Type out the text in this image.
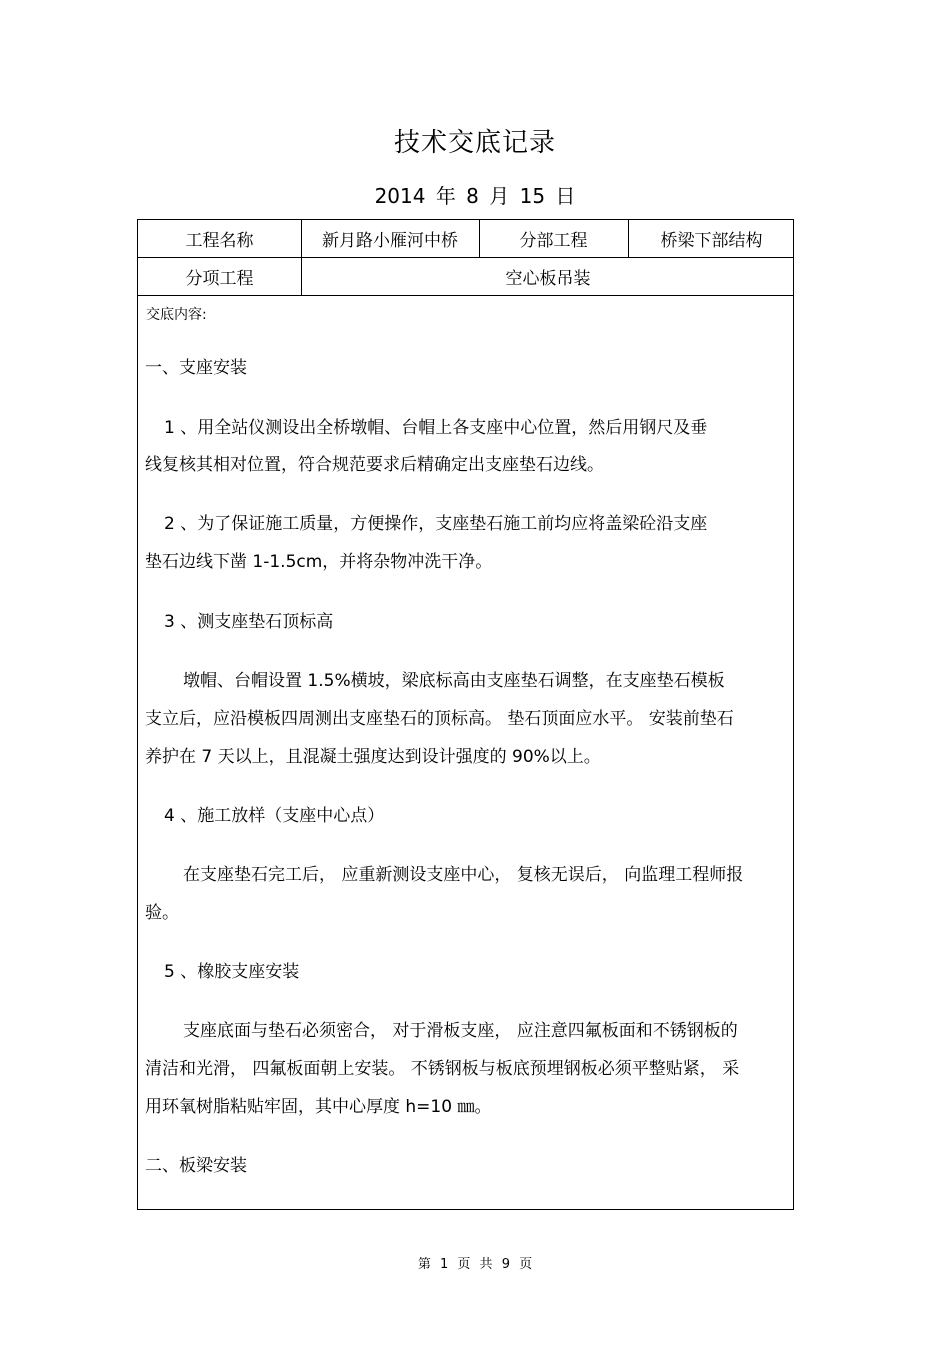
技术交底记录
2014 年 8 月 15 日
工程名称	新月路小雁河中桥	分部工程	桥梁下部结构
分项工程	空心板吊装
交底内容:
一、支座安装
1 、用全站仪测设出全桥墩帽、台帽上各支座中心位置，然后用钢尺及垂
线复核其相对位置，符合规范要求后精确定出支座垫石边线。
2 、为了保证施工质量，方便操作，支座垫石施工前均应将盖梁砼沿支座
垫石边线下凿 1-1.5cm，并将杂物冲洗干净。
3 、测支座垫石顶标高
墩帽、台帽设置 1.5%横坡，梁底标高由支座垫石调整，在支座垫石模板
支立后，应沿模板四周测出支座垫石的顶标高。 垫石顶面应水平。 安装前垫石
养护在 7 天以上，且混凝土强度达到设计强度的 90%以上。
4 、施工放样（支座中心点）
在支座垫石完工后， 应重新测设支座中心， 复核无误后， 向监理工程师报
验。
5 、橡胶支座安装
支座底面与垫石必须密合， 对于滑板支座， 应注意四氟板面和不锈钢板的
清洁和光滑， 四氟板面朝上安装。 不锈钢板与板底预埋钢板必须平整贴紧， 采
用环氧树脂粘贴牢固，其中心厚度 h=10 ㎜。
二、板梁安装
第 1 页 共 9 页
